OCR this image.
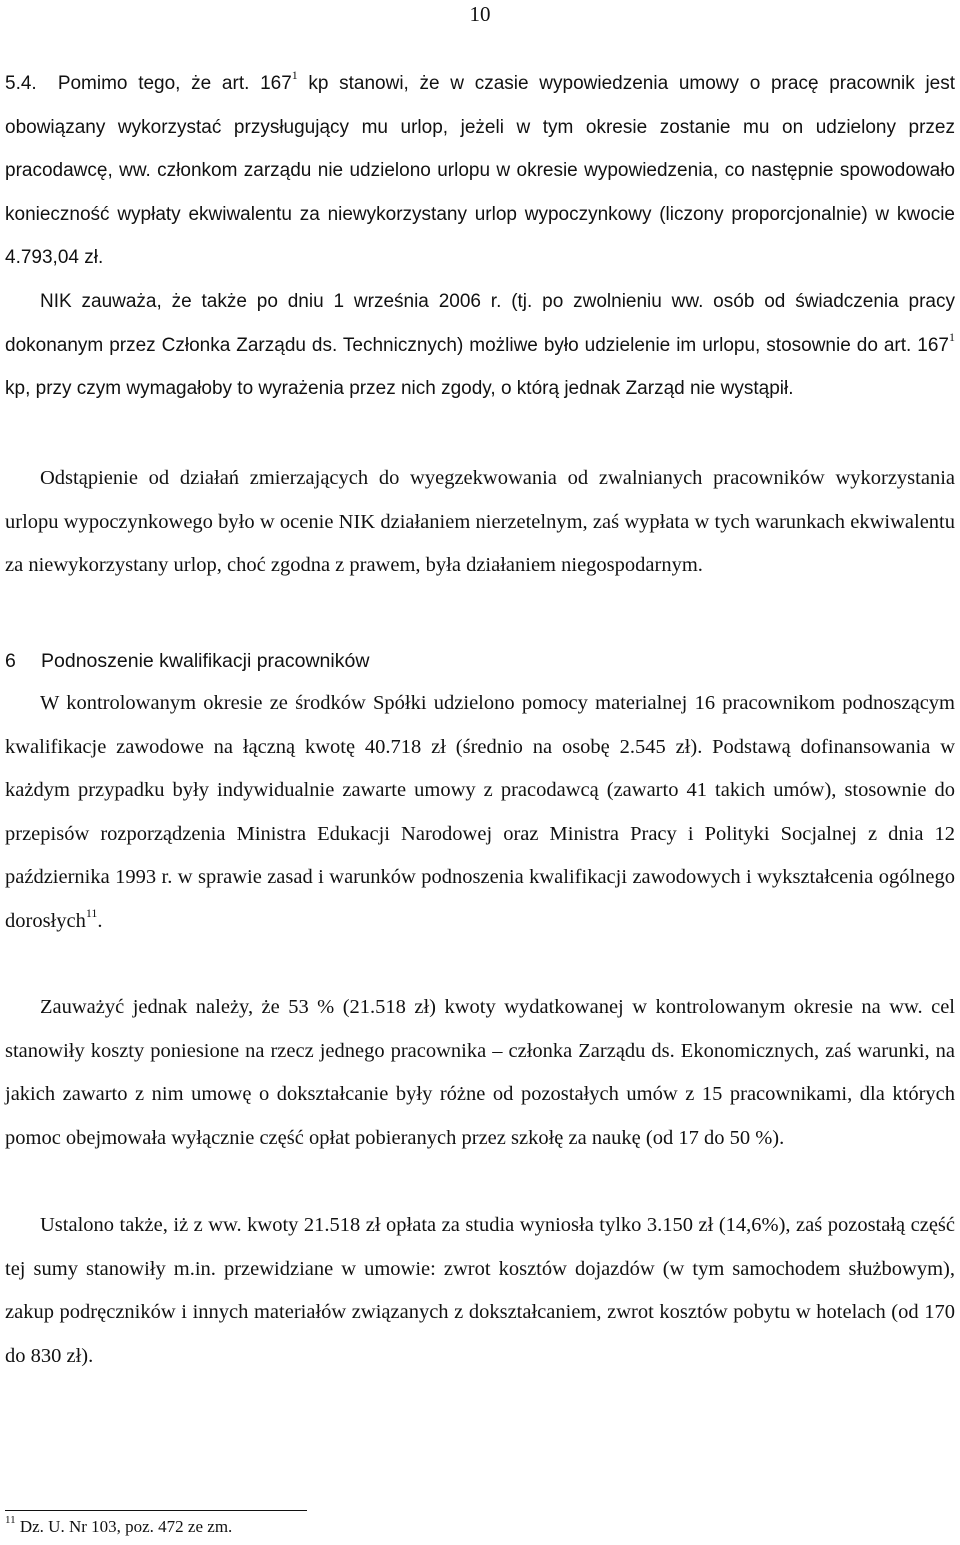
10

5.4. Pomimo tego, że art. $167^1$ kp stanowi, że w czasie wypowiedzenia umowy o pracę pracownik jest obowiązany wykorzystać przysługujący mu urlop, jeżeli w tym okresie zostanie mu on udzielony przez pracodawcę, ww. członkom zarządu nie udzielono urlopu w okresie wypowiedzenia, co następnie spowodowało konieczność wypłaty ekwiwalentu za niewykorzystany urlop wypoczynkowy (liczony proporcjonalnie) w kwocie 4.793,04 zł.

NIK zauważa, że także po dniu 1 września 2006 r. (tj. po zwolnieniu ww. osób od świadczenia pracy dokonanym przez Członka Zarządu ds. Technicznych) możliwe było udzielenie im urlopu, stosownie do art. $167^1$ kp, przy czym wymagałoby to wyrażenia przez nich zgody, o którą jednak Zarząd nie wystąpił.

Odstąpienie od działań zmierzających do wyegzekwowania od zwalnianych pracowników wykorzystania urlopu wypoczynkowego było w ocenie NIK działaniem nierzetelnym, zaś wypłata w tych warunkach ekwiwalentu za niewykorzystany urlop, choć zgodna z prawem, była działaniem niegospodarnym.

6 Podnoszenie kwalifikacji pracowników

W kontrolowanym okresie ze środków Spółki udzielono pomocy materialnej 16 pracownikom podnoszącym kwalifikacje zawodowe na łączną kwotę 40.718 zł (średnio na osobę 2.545 zł). Podstawą dofinansowania w każdym przypadku były indywidualnie zawarte umowy z pracodawcą (zawarto 41 takich umów), stosownie do przepisów rozporządzenia Ministra Edukacji Narodowej oraz Ministra Pracy i Polityki Socjalnej z dnia 12 października 1993 r. w sprawie zasad i warunków podnoszenia kwalifikacji zawodowych i wykształcenia ogólnego dorosłych$^{11}$.

Zauważyć jednak należy, że 53 % (21.518 zł) kwoty wydatkowanej w kontrolowanym okresie na ww. cel stanowiły koszty poniesione na rzecz jednego pracownika – członka Zarządu ds. Ekonomicznych, zaś warunki, na jakich zawarto z nim umowę o dokształcanie były różne od pozostałych umów z 15 pracownikami, dla których pomoc obejmowała wyłącznie część opłat pobieranych przez szkołę za naukę (od 17 do 50 %).

Ustalono także, iż z ww. kwoty 21.518 zł opłata za studia wyniosła tylko 3.150 zł (14,6%), zaś pozostałą część tej sumy stanowiły m.in. przewidziane w umowie: zwrot kosztów dojazdów (w tym samochodem służbowym), zakup podręczników i innych materiałów związanych z dokształcaniem, zwrot kosztów pobytu w hotelach (od 170 do 830 zł).

$^{11}$ Dz. U. Nr 103, poz. 472 ze zm.
